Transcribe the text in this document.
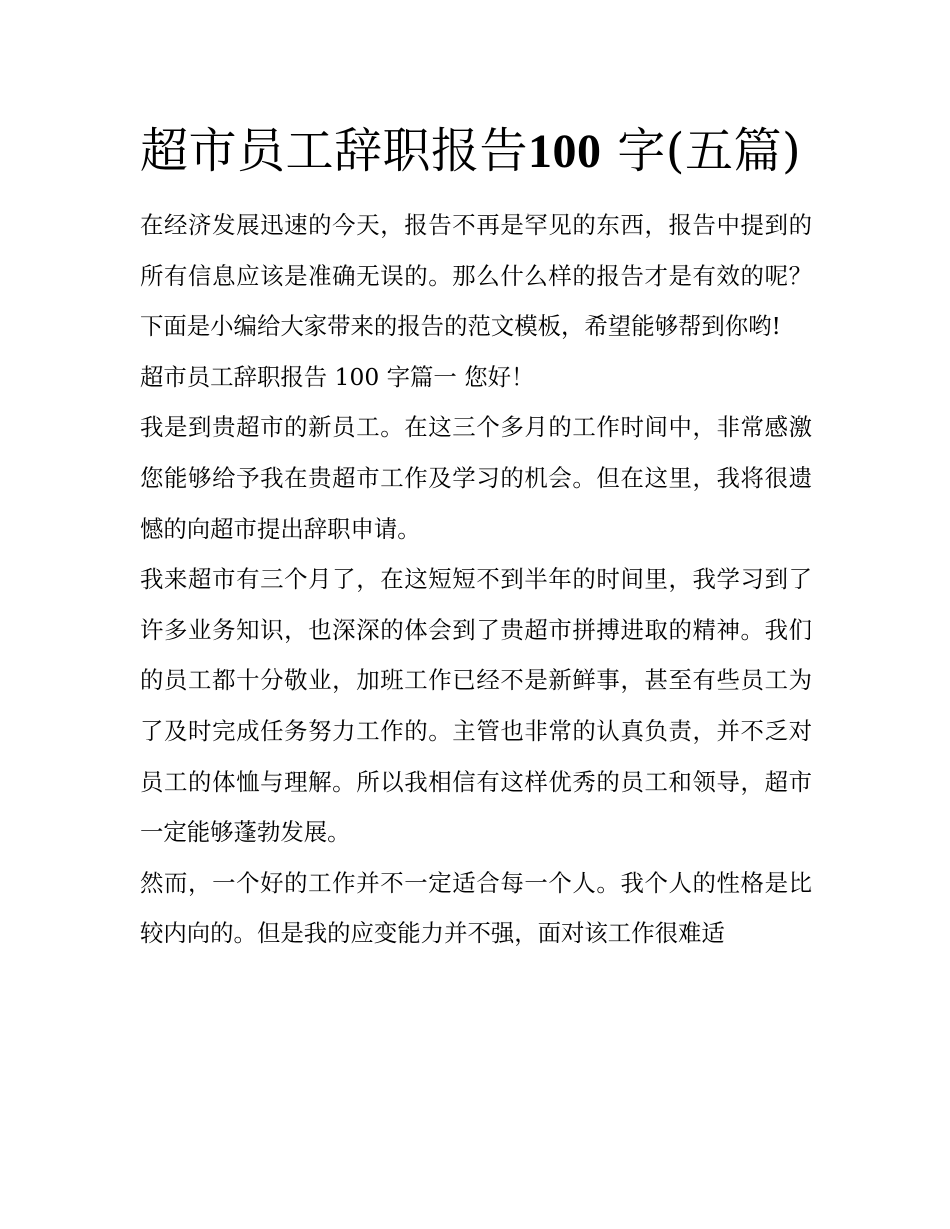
超市员工辞职报告100 字(五篇)

在经济发展迅速的今天，报告不再是罕见的东西，报告中提到的所有信息应该是准确无误的。那么什么样的报告才是有效的呢？下面是小编给大家带来的报告的范文模板，希望能够帮到你哟!

超市员工辞职报告 100 字篇一 您好！

我是到贵超市的新员工。在这三个多月的工作时间中，非常感激您能够给予我在贵超市工作及学习的机会。但在这里，我将很遗憾的向超市提出辞职申请。

我来超市有三个月了，在这短短不到半年的时间里，我学习到了许多业务知识，也深深的体会到了贵超市拼搏进取的精神。我们的员工都十分敬业，加班工作已经不是新鲜事，甚至有些员工为了及时完成任务努力工作的。主管也非常的认真负责，并不乏对员工的体恤与理解。所以我相信有这样优秀的员工和领导，超市一定能够蓬勃发展。

然而，一个好的工作并不一定适合每一个人。我个人的性格是比较内向的。但是我的应变能力并不强，面对该工作很难适
